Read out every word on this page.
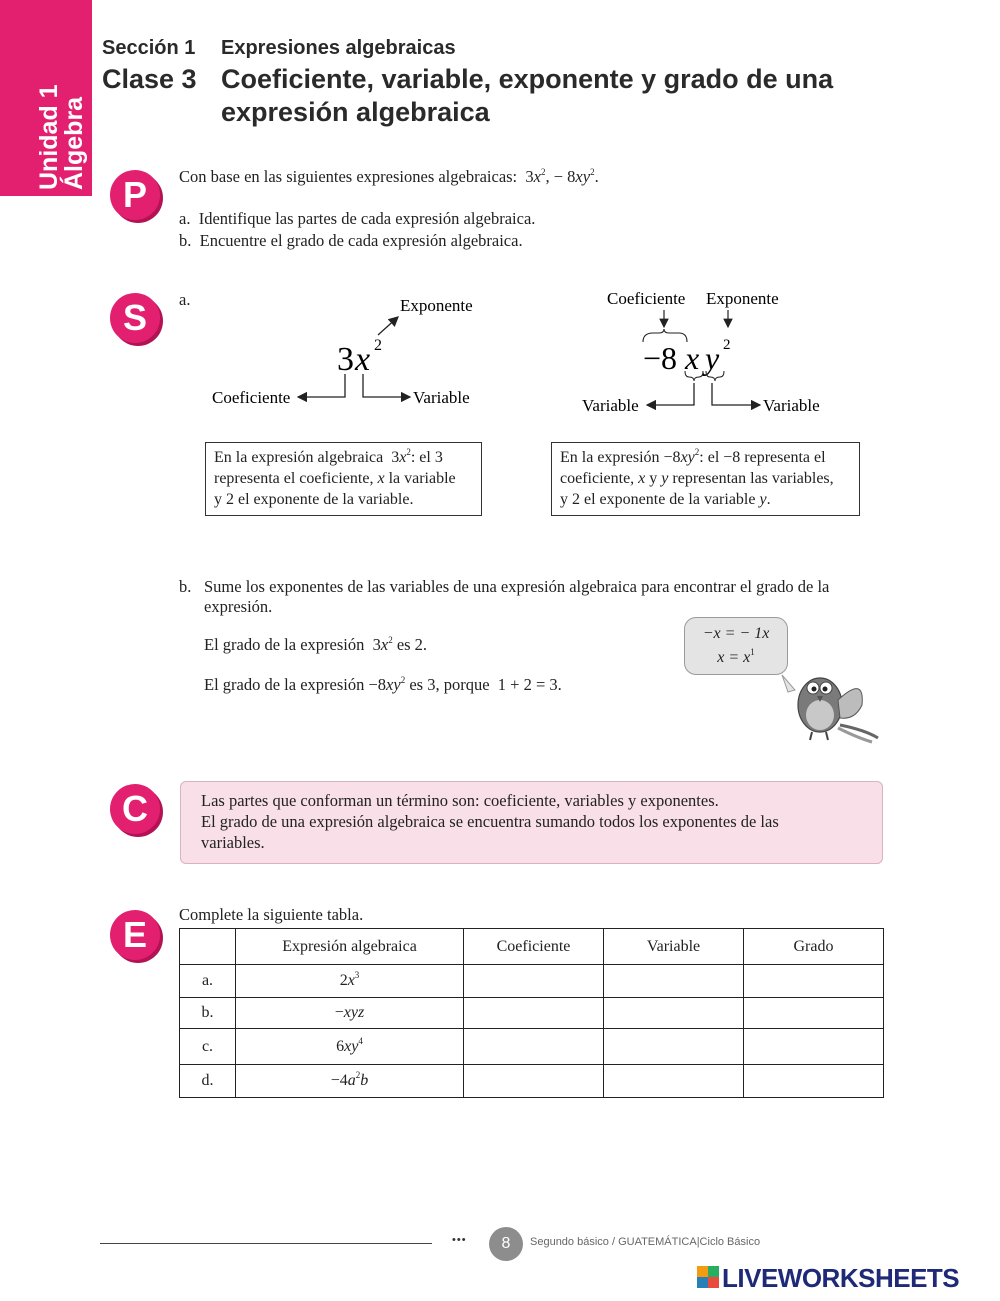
Unidad 1
Álgebra
Sección 1 Expresiones algebraicas
Clase 3 Coeficiente, variable, exponente y grado de una
expresión algebraica
P
S
C
E
Con base en las siguientes expresiones algebraicas:  $3x^2$, − $8xy^2$.
a. Identifique las partes de cada expresión algebraica.
b. Encuentre el grado de cada expresión algebraica.
a.	Exponente
3 x 2
Coeficiente	Variable
Coeficiente Exponente
−8 x y 2
Variable	Variable
En la expresión algebraica  $3x^2$: el 3
representa el coeficiente, x la variable
y 2 el exponente de la variable.
En la expresión $-8xy^2$: el −8 representa el
coeficiente, x y y representan las variables,
y 2 el exponente de la variable y.
b. Sume los exponentes de las variables de una expresión algebraica para encontrar el grado de la
expresión.
El grado de la expresión  $3x^2$ es 2.
El grado de la expresión $-8xy^2$ es 3, porque 1 + 2 = 3.
−x = − 1x
$x = x^1$
Las partes que conforman un término son: coeficiente, variables y exponentes.
El grado de una expresión algebraica se encuentra sumando todos los exponentes de las
variables.
Complete la siguiente tabla.
	Expresión algebraica	Coeficiente	Variable	Grado
a.	$2x^3$			
b.	−xyz			
c.	$6xy^4$			
d.	$-4a^2b$			
•••	8	Segundo básico / GUATEMÁTICA|Ciclo Básico
LIVEWORKSHEETS
